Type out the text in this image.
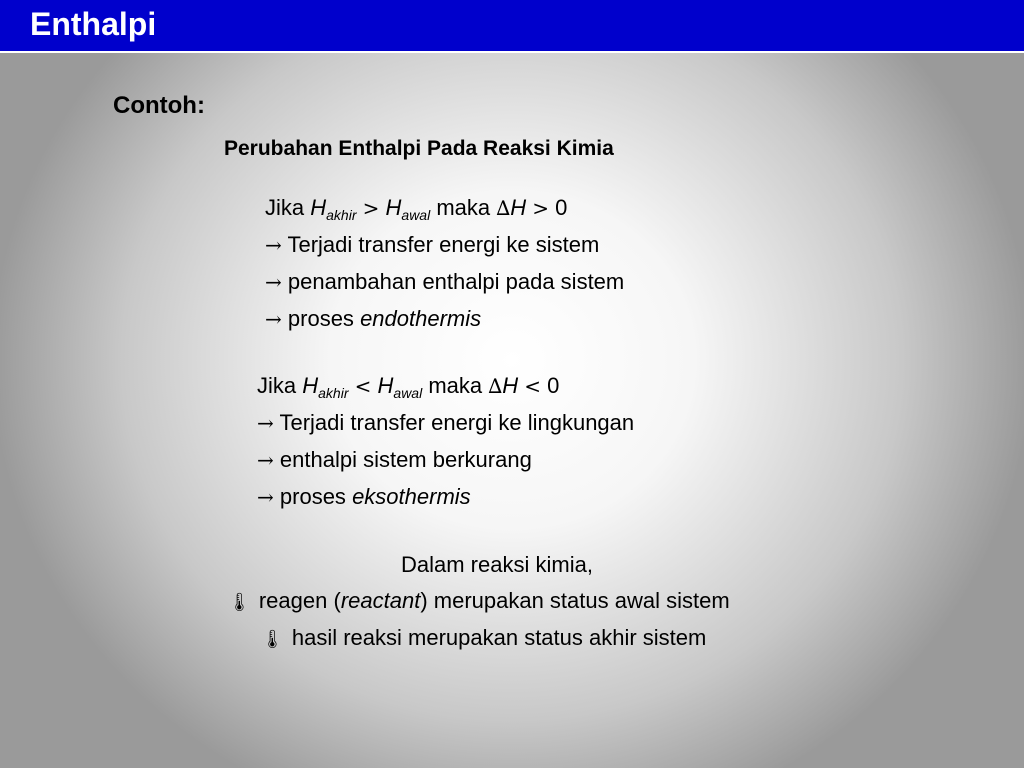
Enthalpi
Contoh:
Perubahan Enthalpi Pada Reaksi Kimia
Jika $H_{akhir} > H_{awal}$ maka ∆H > 0
→ Terjadi transfer energi ke sistem
→ penambahan enthalpi pada sistem
→ proses endothermis
Jika $H_{akhir} < H_{awal}$ maka ∆H < 0
→ Terjadi transfer energi ke lingkungan
→ enthalpi sistem berkurang
→ proses eksothermis
Dalam reaksi kimia,
🌡 reagen (reactant) merupakan status awal sistem
🌡 hasil reaksi merupakan status akhir sistem
